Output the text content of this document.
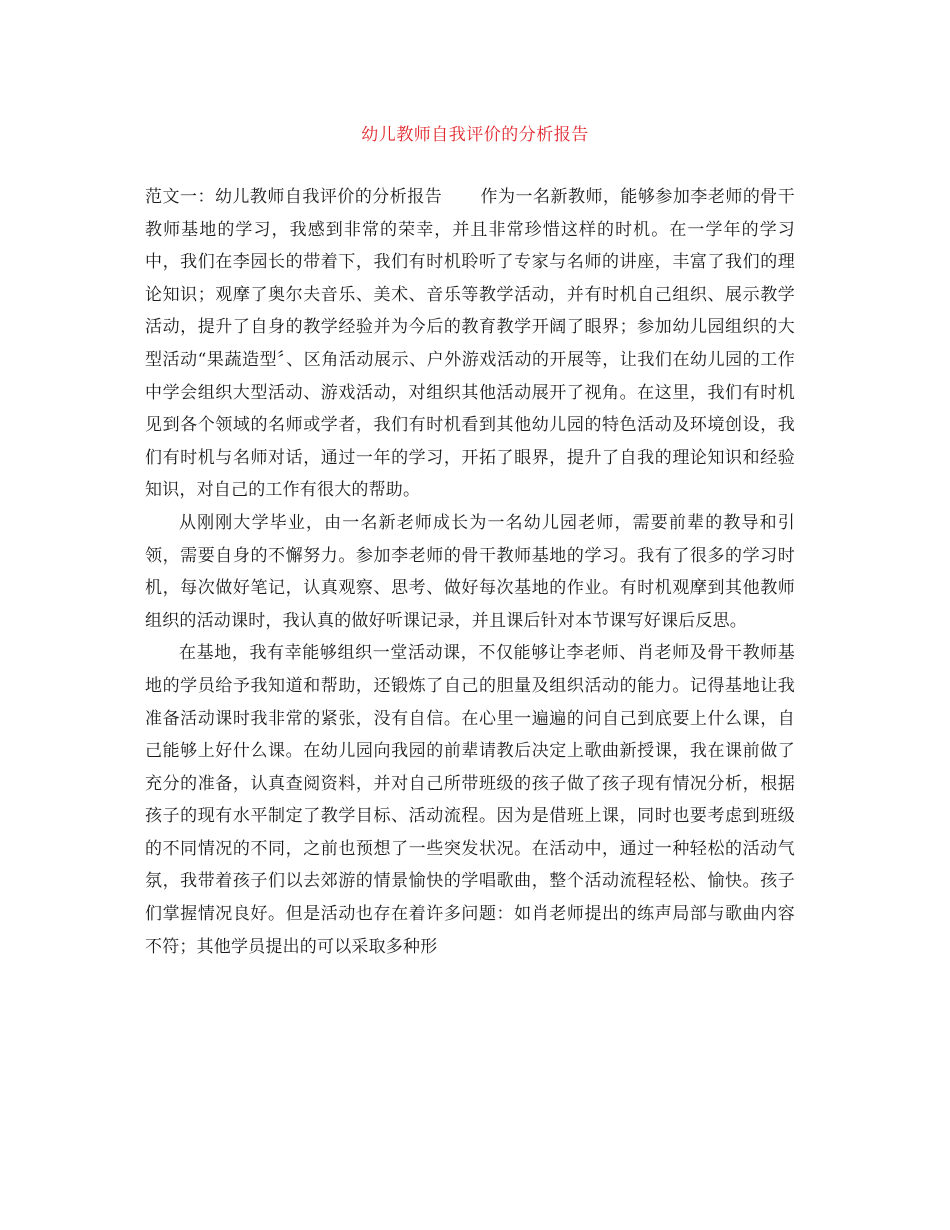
幼儿教师自我评价的分析报告

范文一：幼儿教师自我评价的分析报告 作为一名新教师，能够参加李老师的骨干教师基地的学习，我感到非常的荣幸，并且非常珍惜这样的时机。在一学年的学习中，我们在李园长的带着下，我们有时机聆听了专家与名师的讲座，丰富了我们的理论知识；观摩了奥尔夫音乐、美术、音乐等教学活动，并有时机自己组织、展示教学活动，提升了自身的教学经验并为今后的教育教学开阔了眼界；参加幼儿园组织的大型活动“果蔬造型〞、区角活动展示、户外游戏活动的开展等，让我们在幼儿园的工作中学会组织大型活动、游戏活动，对组织其他活动展开了视角。在这里，我们有时机见到各个领域的名师或学者，我们有时机看到其他幼儿园的特色活动及环境创设，我们有时机与名师对话，通过一年的学习，开拓了眼界，提升了自我的理论知识和经验知识，对自己的工作有很大的帮助。

从刚刚大学毕业，由一名新老师成长为一名幼儿园老师，需要前辈的教导和引领，需要自身的不懈努力。参加李老师的骨干教师基地的学习。我有了很多的学习时机，每次做好笔记，认真观察、思考、做好每次基地的作业。有时机观摩到其他教师组织的活动课时，我认真的做好听课记录，并且课后针对本节课写好课后反思。

在基地，我有幸能够组织一堂活动课，不仅能够让李老师、肖老师及骨干教师基地的学员给予我知道和帮助，还锻炼了自己的胆量及组织活动的能力。记得基地让我准备活动课时我非常的紧张，没有自信。在心里一遍遍的问自己到底要上什么课，自己能够上好什么课。在幼儿园向我园的前辈请教后决定上歌曲新授课，我在课前做了充分的准备，认真查阅资料，并对自己所带班级的孩子做了孩子现有情况分析，根据孩子的现有水平制定了教学目标、活动流程。因为是借班上课，同时也要考虑到班级的不同情况的不同，之前也预想了一些突发状况。在活动中，通过一种轻松的活动气氛，我带着孩子们以去郊游的情景愉快的学唱歌曲，整个活动流程轻松、愉快。孩子们掌握情况良好。但是活动也存在着许多问题：如肖老师提出的练声局部与歌曲内容不符；其他学员提出的可以采取多种形
